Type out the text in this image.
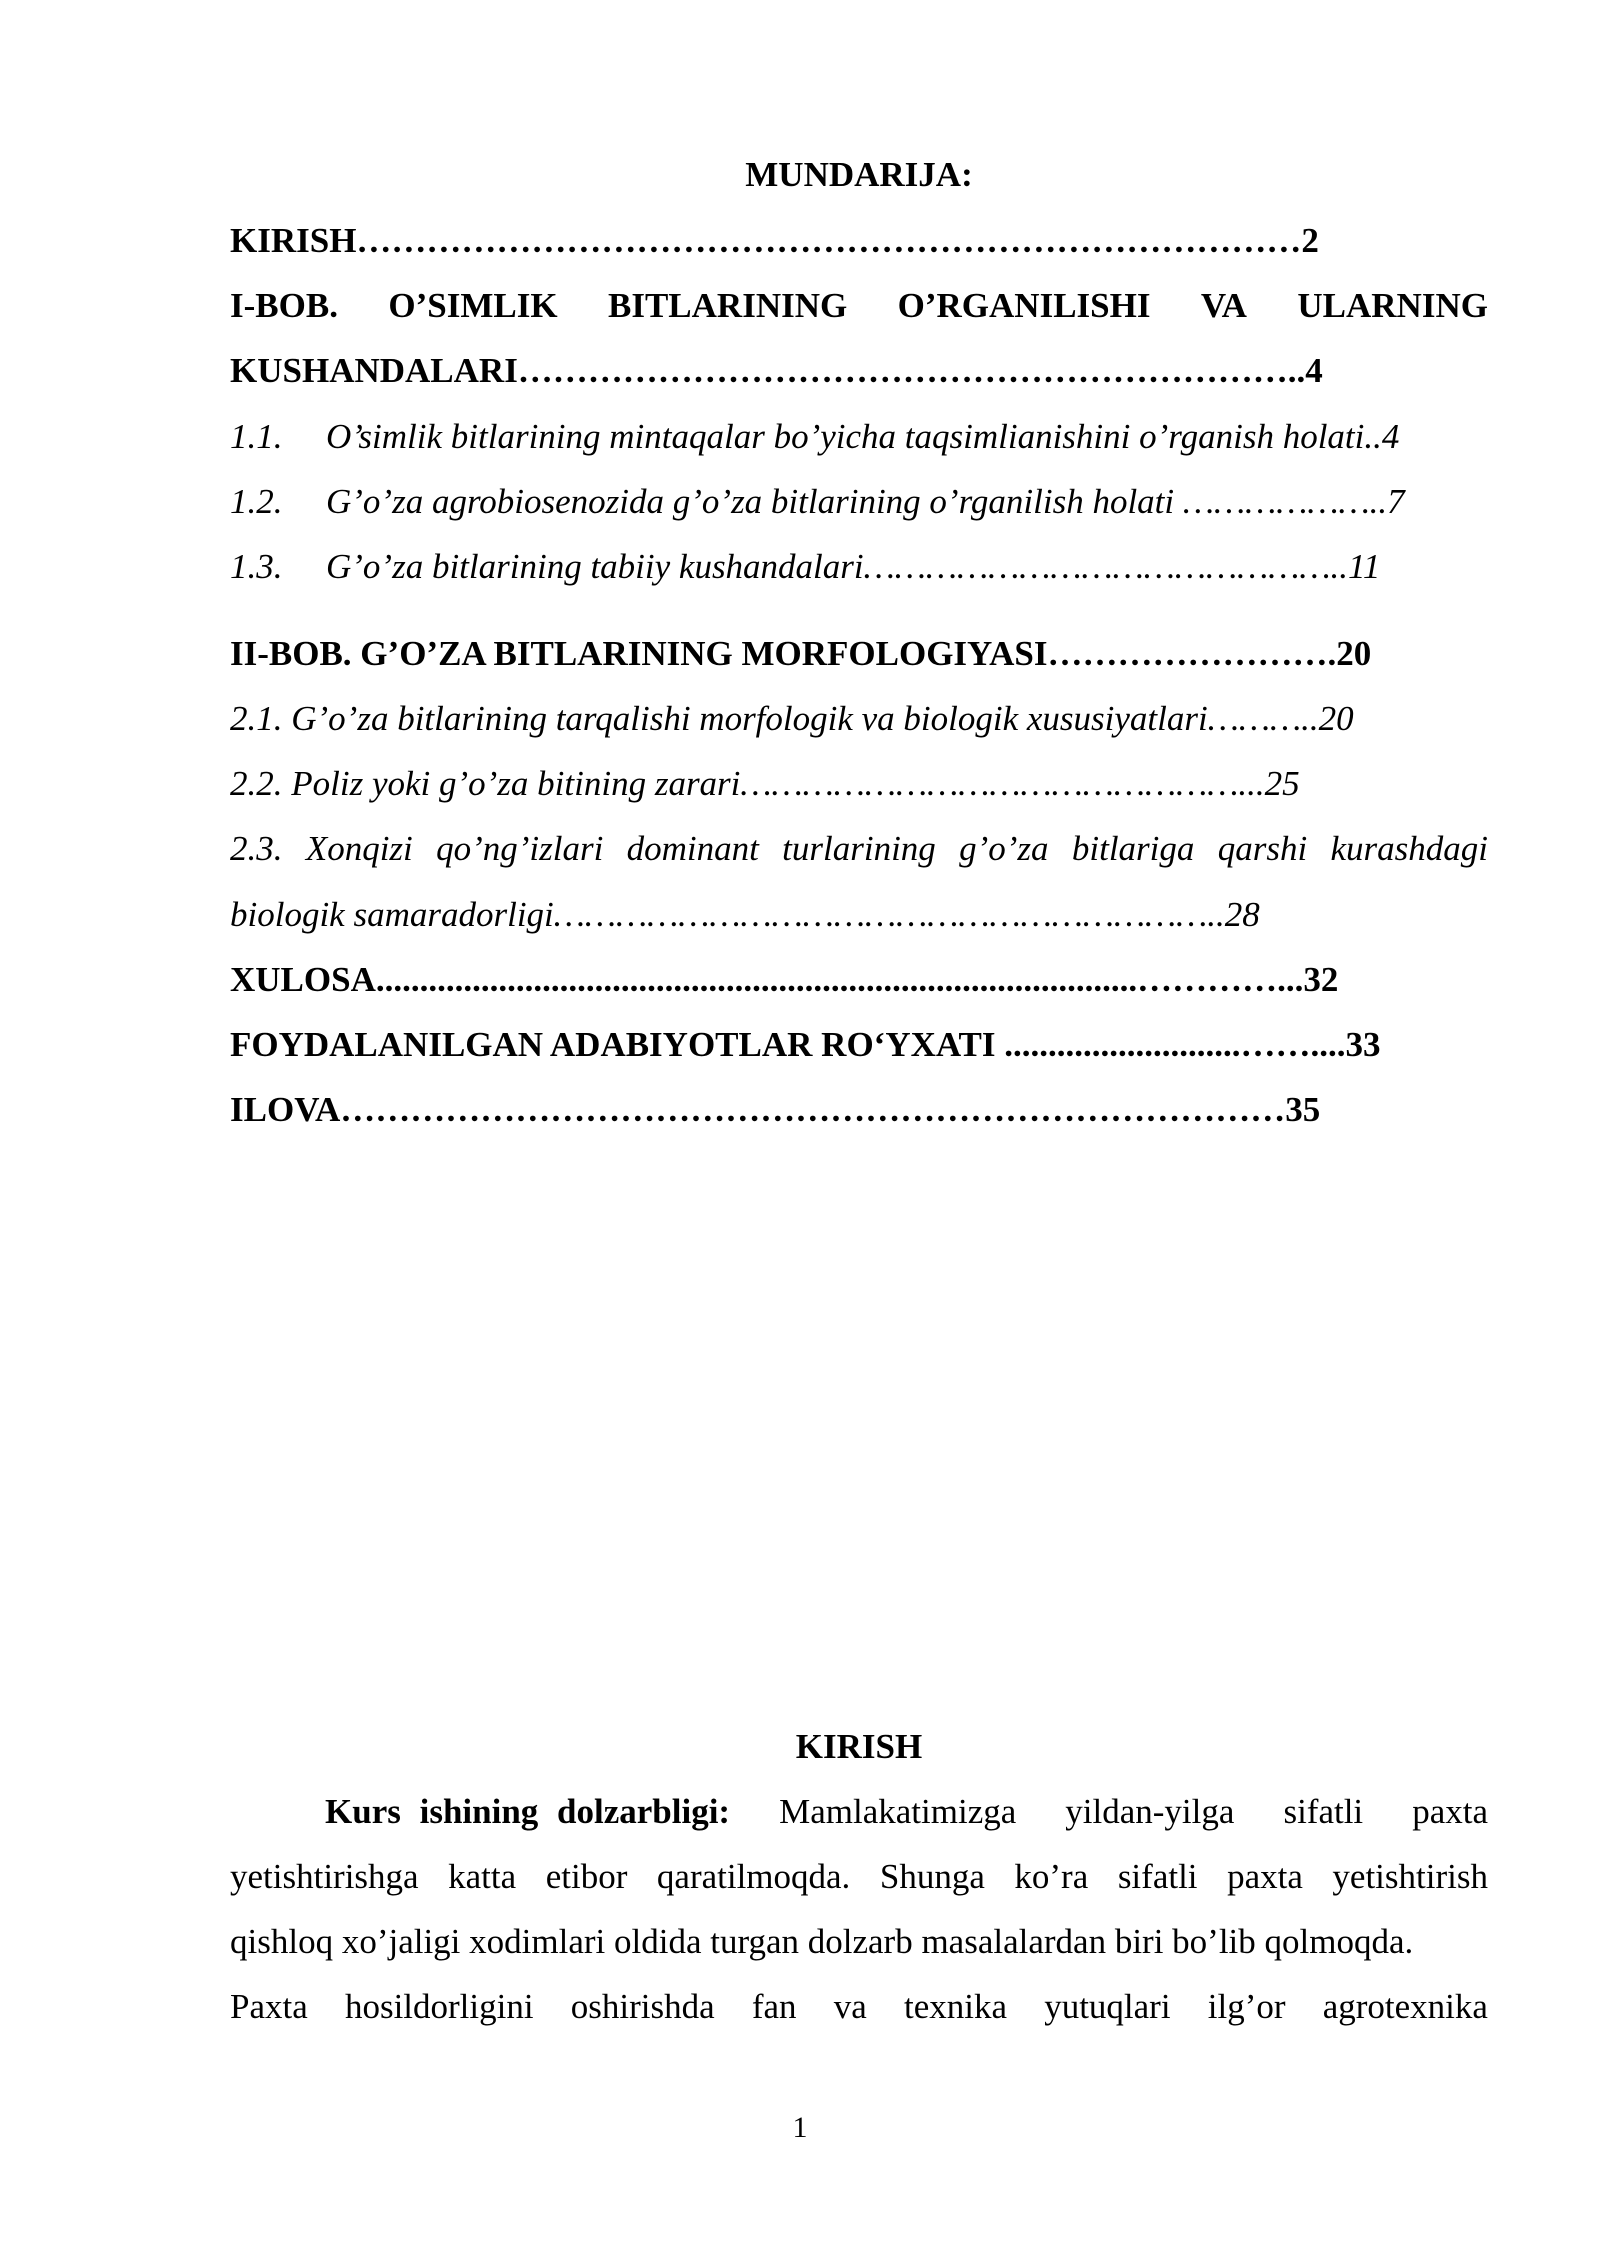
MUNDARIJA:
KIRISH………………………………………………………………………2
I-BOB. O’SIMLIK BITLARINING O’RGANILISHI VA ULARNING
KUSHANDALARI…………………………………………………………..4
1.1. O’simlik bitlarining mintaqalar bo’yicha taqsimlianishini o’rganish holati..4
1.2. G’o’za agrobiosenozida g’o’za bitlarining o’rganilish holati ………………..7
1.3. G’o’za bitlarining tabiiy kushandalari………………………………………..11
II-BOB. G’O’ZA BITLARINING MORFOLOGIYASI…………………….20
2.1. G’o’za bitlarining tarqalishi morfologik va biologik xususiyatlari………..20
2.2. Poliz yoki g’o’za bitining zarari…………………………………………...25
2.3. Xonqizi qo’ng’izlari dominant turlarining g’o’za bitlariga qarshi kurashdagi
biologik samaradorligi………………………………………………………..28
XULOSA.......................................................................................…………...32
FOYDALANILGAN ADABIYOTLAR RO‘YXATI ...........................……....33
ILOVA………………………………………………………………………35
KIRISH
Kurs ishining dolzarbligi: Mamlakatimizga yildan-yilga sifatli paxta
yetishtirishga katta etibor qaratilmoqda. Shunga ko’ra sifatli paxta yetishtirish
qishloq xo’jaligi xodimlari oldida turgan dolzarb masalalardan biri bo’lib qolmoqda.
Paxta hosildorligini oshirishda fan va texnika yutuqlari ilg’or agrotexnika
1
